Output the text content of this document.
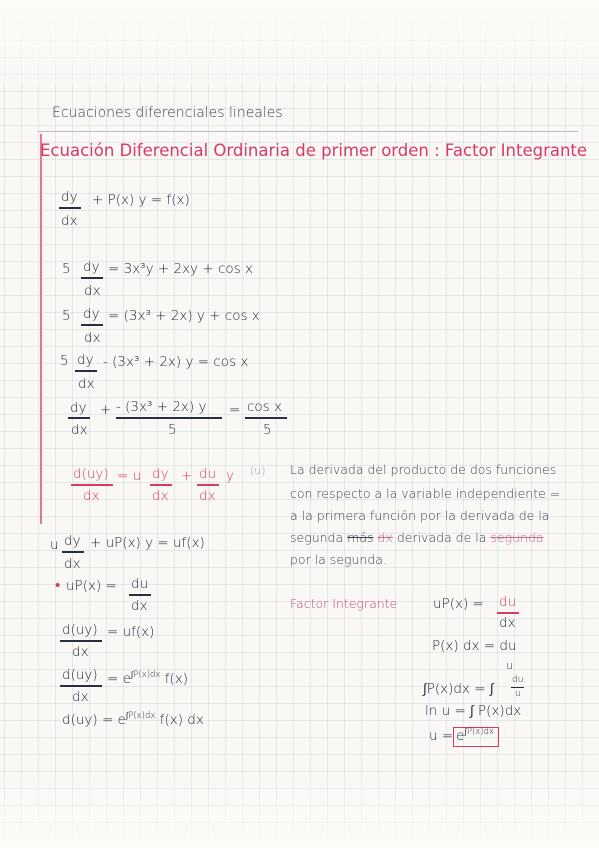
Ecuaciones diferenciales lineales
Ecuación Diferencial Ordinaria de primer orden : Factor Integrante
dy
dx
+ P(x) y = f(x)
5 dy
dx
= 3x³y + 2xy + cos x
5 dy
dx
= (3x³ + 2x) y + cos x
5 dy
dx
- (3x³ + 2x) y = cos x
dy
dx
+ - (3x³ + 2x) y
5
= cos x
5
d(uy)
dx
= u dy
dx
+ du
dx
y (u) La derivada del producto de dos funciones
con respecto a la variable independiente =
a la primera función por la derivada de la
segunda más dx derivada de la segunda
por la segunda.
u dy
dx
+ uP(x) y = uf(x)
• uP(x) = du
dx
d(uy)
dx
= uf(x)
d(uy)
dx
= $e^{\int P(x)dx}$ f(x)
$d(uy) = e^{\int P(x)dx}$ f(x) dx
Factor Integrante	uP(x) = du
dx
P(x) dx = du
u
∫P(x)dx = ∫
du
u
ln u = ∫ P(x)dx
$u = e^{\int P(x)dx}$
